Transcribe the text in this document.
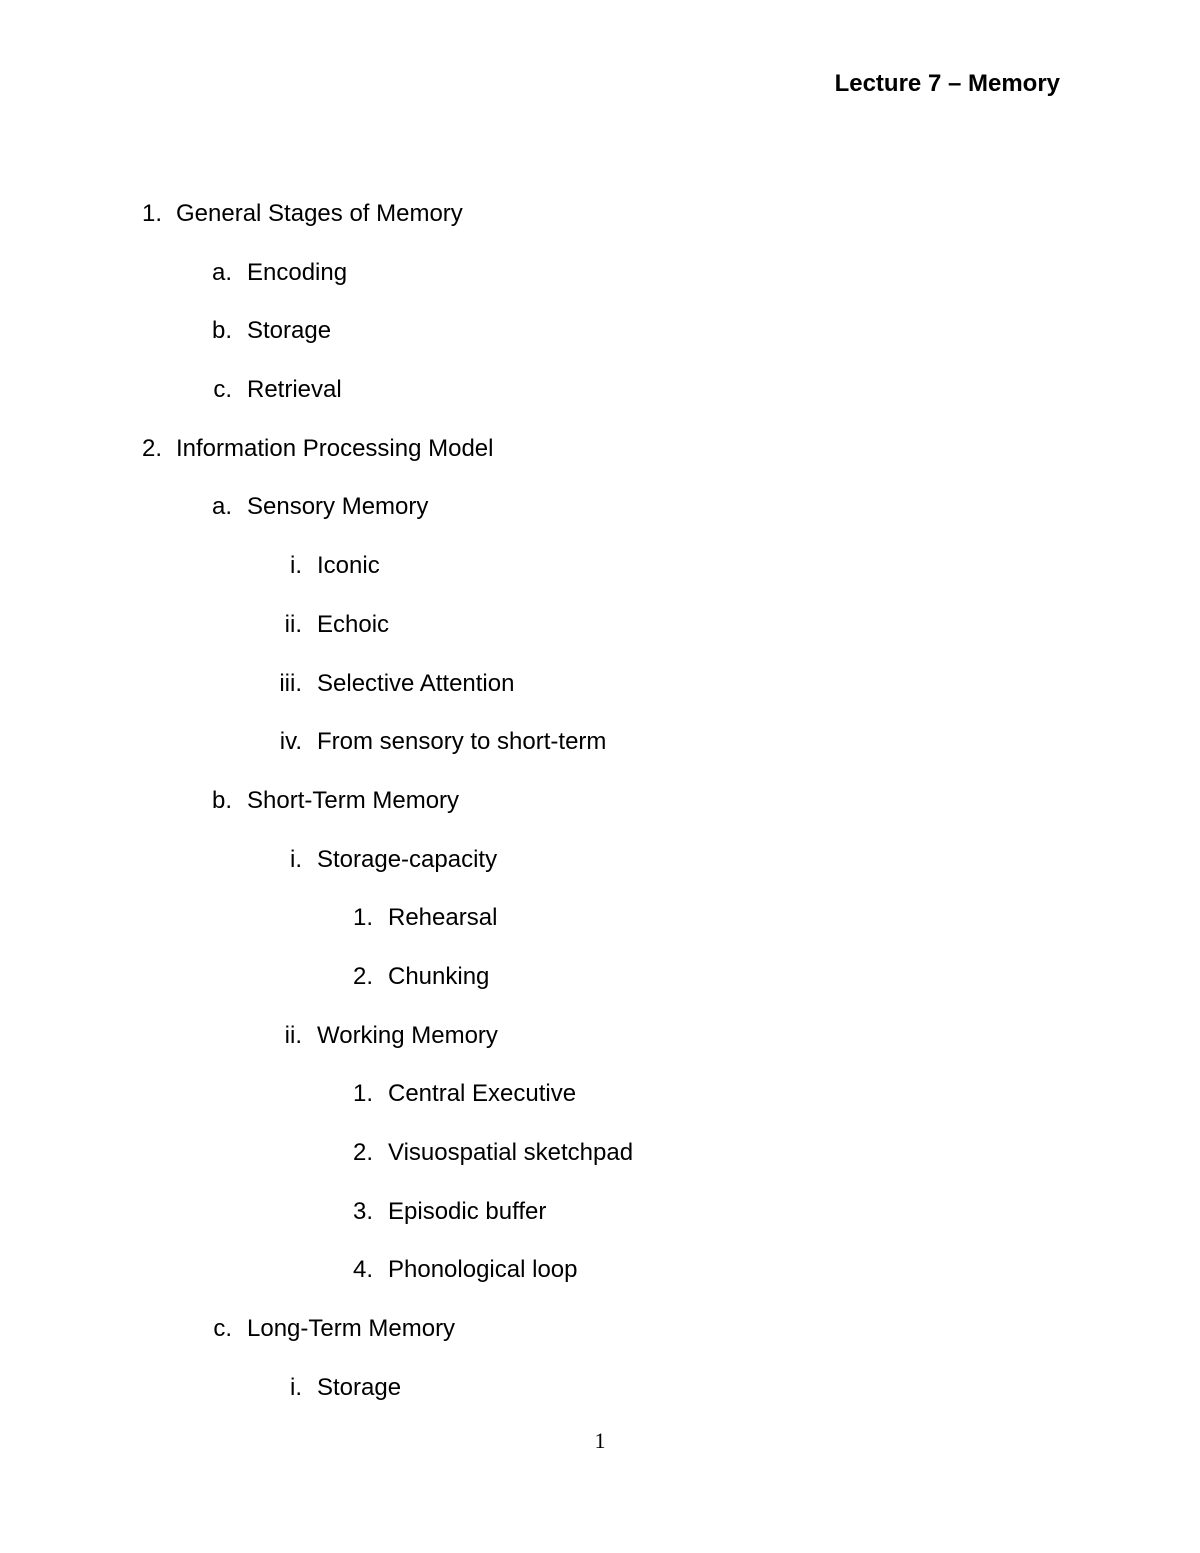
Lecture 7 – Memory
1. General Stages of Memory
a. Encoding
b. Storage
c. Retrieval
2. Information Processing Model
a. Sensory Memory
i. Iconic
ii. Echoic
iii. Selective Attention
iv. From sensory to short-term
b. Short-Term Memory
i. Storage-capacity
1. Rehearsal
2. Chunking
ii. Working Memory
1. Central Executive
2. Visuospatial sketchpad
3. Episodic buffer
4. Phonological loop
c. Long-Term Memory
i. Storage
1
